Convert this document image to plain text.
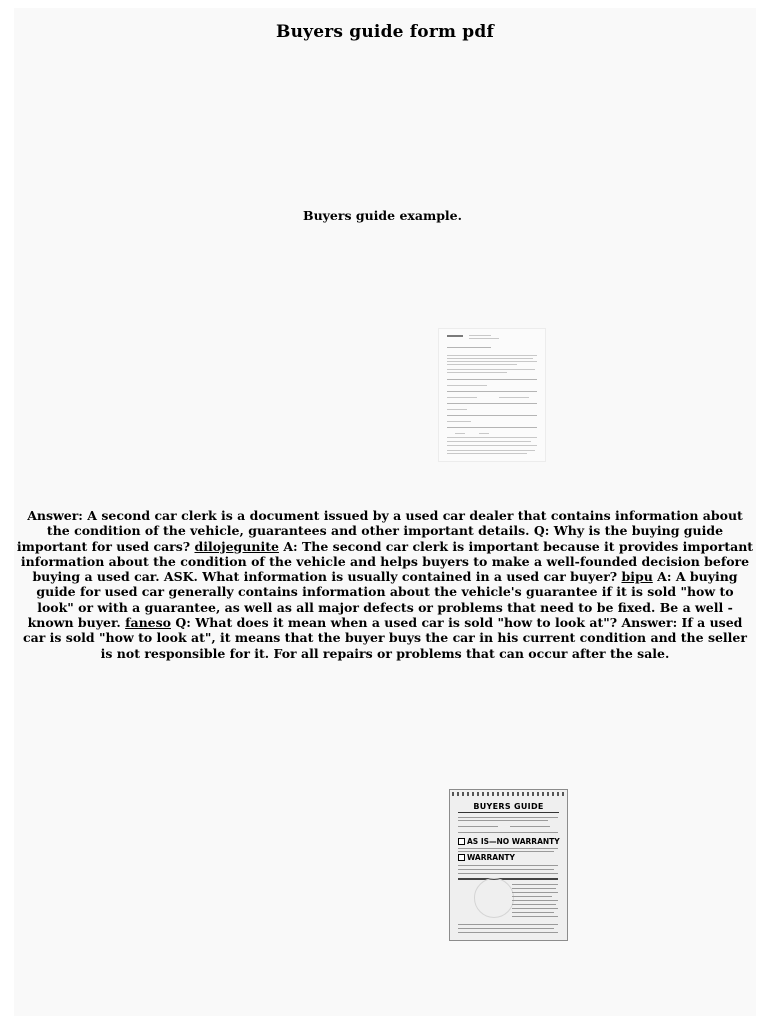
Buyers guide form pdf
Buyers guide example.

Answer: A second car clerk is a document issued by a used car dealer that contains information about the condition of the vehicle, guarantees and other important details. Q: Why is the buying guide important for used cars? dilojegunite A: The second car clerk is important because it provides important information about the condition of the vehicle and helps buyers to make a well-founded decision before buying a used car. ASK. What information is usually contained in a used car buyer? bipu A: A buying guide for used car generally contains information about the vehicle's guarantee if it is sold "how to look" or with a guarantee, as well as all major defects or problems that need to be fixed. Be a well -known buyer. faneso Q: What does it mean when a used car is sold "how to look at"? Answer: If a used car is sold "how to look at", it means that the buyer buys the car in his current condition and the seller is not responsible for it. For all repairs or problems that can occur after the sale.

BUYERS GUIDE
AS IS—NO WARRANTY
WARRANTY
